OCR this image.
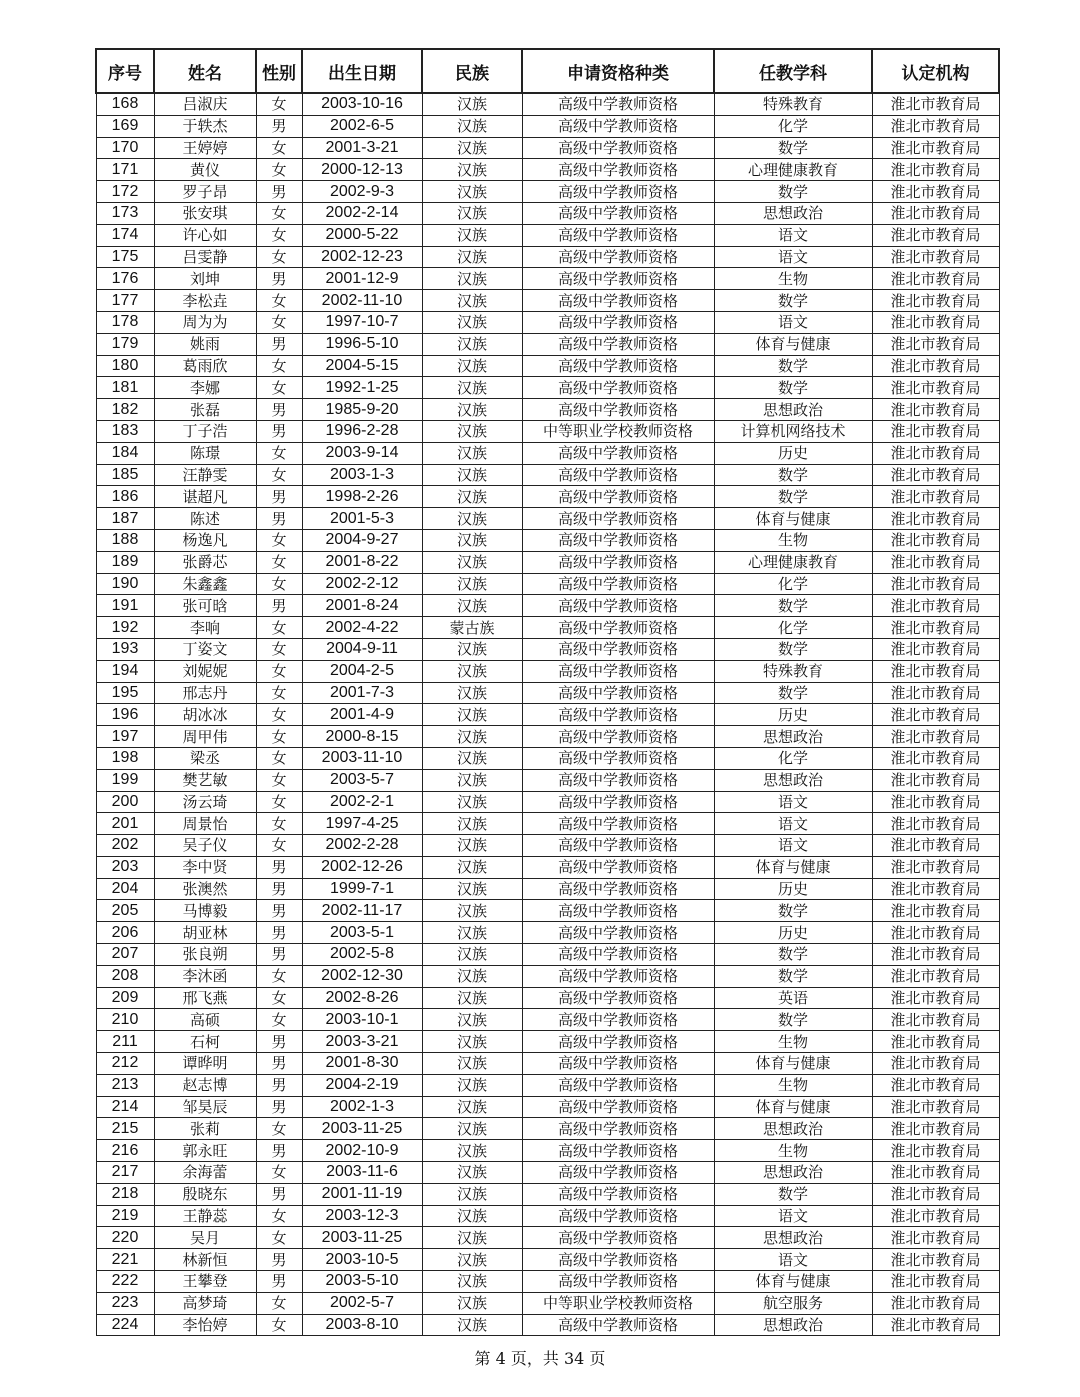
序号	姓名	性别	出生日期	民族	申请资格种类	任教学科	认定机构
168	吕淑庆	女	2003-10-16	汉族	高级中学教师资格	特殊教育	淮北市教育局
169	于轶杰	男	2002-6-5	汉族	高级中学教师资格	化学	淮北市教育局
170	王婷婷	女	2001-3-21	汉族	高级中学教师资格	数学	淮北市教育局
171	黄仪	女	2000-12-13	汉族	高级中学教师资格	心理健康教育	淮北市教育局
172	罗子昂	男	2002-9-3	汉族	高级中学教师资格	数学	淮北市教育局
173	张安琪	女	2002-2-14	汉族	高级中学教师资格	思想政治	淮北市教育局
174	许心如	女	2000-5-22	汉族	高级中学教师资格	语文	淮北市教育局
175	吕雯静	女	2002-12-23	汉族	高级中学教师资格	语文	淮北市教育局
176	刘坤	男	2001-12-9	汉族	高级中学教师资格	生物	淮北市教育局
177	李松垚	女	2002-11-10	汉族	高级中学教师资格	数学	淮北市教育局
178	周为为	女	1997-10-7	汉族	高级中学教师资格	语文	淮北市教育局
179	姚雨	男	1996-5-10	汉族	高级中学教师资格	体育与健康	淮北市教育局
180	葛雨欣	女	2004-5-15	汉族	高级中学教师资格	数学	淮北市教育局
181	李娜	女	1992-1-25	汉族	高级中学教师资格	数学	淮北市教育局
182	张磊	男	1985-9-20	汉族	高级中学教师资格	思想政治	淮北市教育局
183	丁子浩	男	1996-2-28	汉族	中等职业学校教师资格	计算机网络技术	淮北市教育局
184	陈璟	女	2003-9-14	汉族	高级中学教师资格	历史	淮北市教育局
185	汪静雯	女	2003-1-3	汉族	高级中学教师资格	数学	淮北市教育局
186	谌超凡	男	1998-2-26	汉族	高级中学教师资格	数学	淮北市教育局
187	陈述	男	2001-5-3	汉族	高级中学教师资格	体育与健康	淮北市教育局
188	杨逸凡	女	2004-9-27	汉族	高级中学教师资格	生物	淮北市教育局
189	张爵芯	女	2001-8-22	汉族	高级中学教师资格	心理健康教育	淮北市教育局
190	朱鑫鑫	女	2002-2-12	汉族	高级中学教师资格	化学	淮北市教育局
191	张可晗	男	2001-8-24	汉族	高级中学教师资格	数学	淮北市教育局
192	李响	女	2002-4-22	蒙古族	高级中学教师资格	化学	淮北市教育局
193	丁姿文	女	2004-9-11	汉族	高级中学教师资格	数学	淮北市教育局
194	刘妮妮	女	2004-2-5	汉族	高级中学教师资格	特殊教育	淮北市教育局
195	邢志丹	女	2001-7-3	汉族	高级中学教师资格	数学	淮北市教育局
196	胡冰冰	女	2001-4-9	汉族	高级中学教师资格	历史	淮北市教育局
197	周甲伟	女	2000-8-15	汉族	高级中学教师资格	思想政治	淮北市教育局
198	梁丞	女	2003-11-10	汉族	高级中学教师资格	化学	淮北市教育局
199	樊艺敏	女	2003-5-7	汉族	高级中学教师资格	思想政治	淮北市教育局
200	汤云琦	女	2002-2-1	汉族	高级中学教师资格	语文	淮北市教育局
201	周景怡	女	1997-4-25	汉族	高级中学教师资格	语文	淮北市教育局
202	吴子仪	女	2002-2-28	汉族	高级中学教师资格	语文	淮北市教育局
203	李中贤	男	2002-12-26	汉族	高级中学教师资格	体育与健康	淮北市教育局
204	张澳然	男	1999-7-1	汉族	高级中学教师资格	历史	淮北市教育局
205	马博毅	男	2002-11-17	汉族	高级中学教师资格	数学	淮北市教育局
206	胡亚林	男	2003-5-1	汉族	高级中学教师资格	历史	淮北市教育局
207	张良朔	男	2002-5-8	汉族	高级中学教师资格	数学	淮北市教育局
208	李沐函	女	2002-12-30	汉族	高级中学教师资格	数学	淮北市教育局
209	邢飞燕	女	2002-8-26	汉族	高级中学教师资格	英语	淮北市教育局
210	高硕	女	2003-10-1	汉族	高级中学教师资格	数学	淮北市教育局
211	石柯	男	2003-3-21	汉族	高级中学教师资格	生物	淮北市教育局
212	谭晔明	男	2001-8-30	汉族	高级中学教师资格	体育与健康	淮北市教育局
213	赵志博	男	2004-2-19	汉族	高级中学教师资格	生物	淮北市教育局
214	邹昊辰	男	2002-1-3	汉族	高级中学教师资格	体育与健康	淮北市教育局
215	张莉	女	2003-11-25	汉族	高级中学教师资格	思想政治	淮北市教育局
216	郭永旺	男	2002-10-9	汉族	高级中学教师资格	生物	淮北市教育局
217	余海蕾	女	2003-11-6	汉族	高级中学教师资格	思想政治	淮北市教育局
218	殷晓东	男	2001-11-19	汉族	高级中学教师资格	数学	淮北市教育局
219	王静蕊	女	2003-12-3	汉族	高级中学教师资格	语文	淮北市教育局
220	吴月	女	2003-11-25	汉族	高级中学教师资格	思想政治	淮北市教育局
221	林新恒	男	2003-10-5	汉族	高级中学教师资格	语文	淮北市教育局
222	王攀登	男	2003-5-10	汉族	高级中学教师资格	体育与健康	淮北市教育局
223	高梦琦	女	2002-5-7	汉族	中等职业学校教师资格	航空服务	淮北市教育局
224	李怡婷	女	2003-8-10	汉族	高级中学教师资格	思想政治	淮北市教育局
第 4 页，共 34 页
